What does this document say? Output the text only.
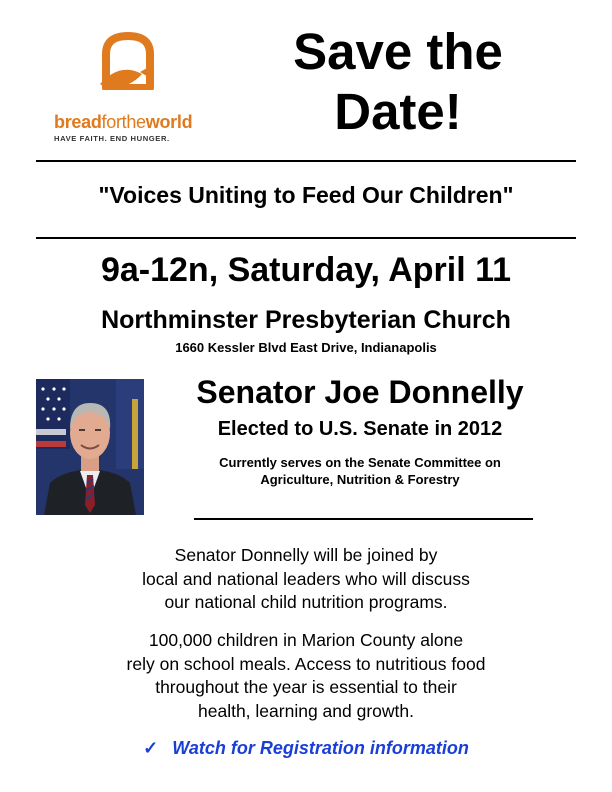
breadfortheworld
HAVE FAITH. END HUNGER.
Save the
Date!

"Voices Uniting to Feed Our Children"

9a-12n, Saturday, April 11

Northminster Presbyterian Church

1660 Kessler Blvd East Drive, Indianapolis

Senator Joe Donnelly

Elected to U.S. Senate in 2012

Currently serves on the Senate Committee on
Agriculture, Nutrition & Forestry

Senator Donnelly will be joined by
local and national leaders who will discuss
our national child nutrition programs.

100,000 children in Marion County alone
rely on school meals. Access to nutritious food
throughout the year is essential to their
health, learning and growth.

✓ Watch for Registration information
